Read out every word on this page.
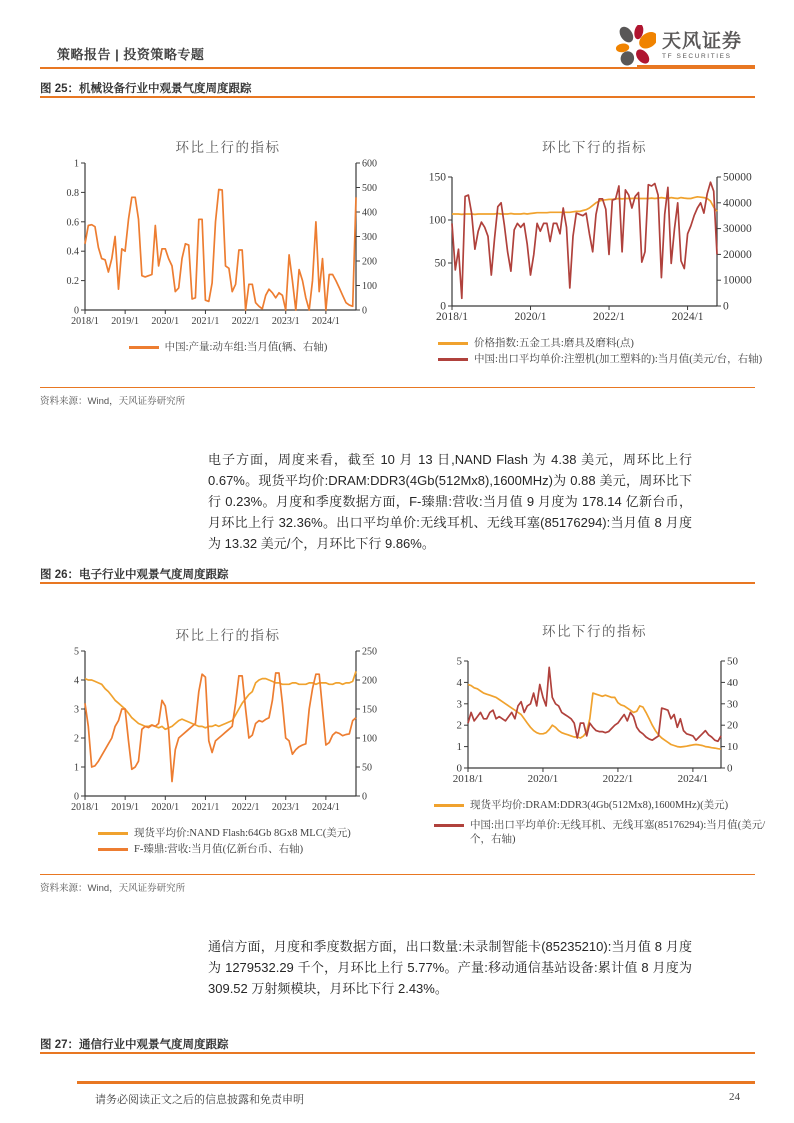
策略报告 | 投资策略专题
天风证券
TF SECURITIES
图 25：机械设备行业中观景气度周度跟踪
环比上行的指标
0
0.2
0.4
0.6
0.8
1
0
100
200
300
400
500
600
2018/1 2019/1 2020/1 2021/1 2022/1 2023/1 2024/1
中国:产量:动车组:当月值(辆、右轴)
环比下行的指标
0
50
100
150
0
10000
20000
30000
40000
50000
2018/1	2020/1	2022/1	2024/1
价格指数:五金工具:磨具及磨料(点)
中国:出口平均单价:注塑机(加工塑料的):当月值(美元/台，右轴)
资料来源：Wind，天风证券研究所
电子方面，周度来看，截至 10 月 13 日,NAND Flash 为 4.38 美元，周环比上行 0.67%。现货平均价:DRAM:DDR3(4Gb(512Mx8),1600MHz)为 0.88 美元，周环比下行 0.23%。月度和季度数据方面，F-臻鼎:营收:当月值 9 月度为 178.14 亿新台币，月环比上行 32.36%。出口平均单价:无线耳机、无线耳塞(85176294):当月值 8 月度为 13.32 美元/个，月环比下行 9.86%。
图 26：电子行业中观景气度周度跟踪
环比上行的指标
0
1
2
3
4
5
0
50
100
150
200
250
2018/1 2019/1 2020/1 2021/1 2022/1 2023/1 2024/1
现货平均价:NAND Flash:64Gb 8Gx8 MLC(美元)
F-臻鼎:营收:当月值(亿新台币、右轴)
环比下行的指标
0
1
2
3
4
5
0
10
20
30
40
50
2018/1	2020/1	2022/1	2024/1
现货平均价:DRAM:DDR3(4Gb(512Mx8),1600MHz)(美元)
中国:出口平均单价:无线耳机、无线耳塞(85176294):当月值(美元/个，右轴)
资料来源：Wind，天风证券研究所
通信方面，月度和季度数据方面，出口数量:未录制智能卡(85235210):当月值 8 月度为 1279532.29 千个，月环比上行 5.77%。产量:移动通信基站设备:累计值 8 月度为 309.52 万射频模块，月环比下行 2.43%。
图 27：通信行业中观景气度周度跟踪
请务必阅读正文之后的信息披露和免责申明	24
